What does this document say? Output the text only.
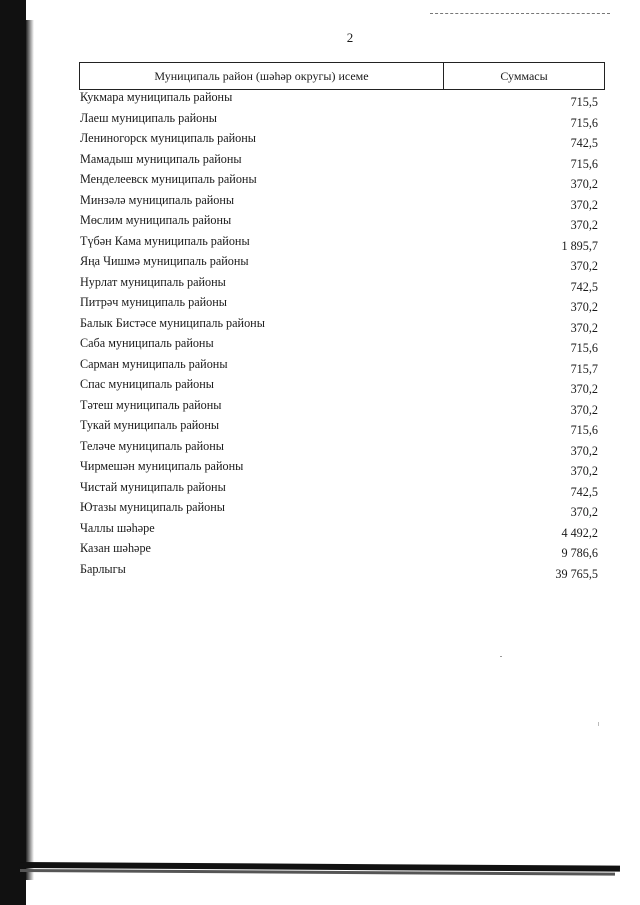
2
Муниципаль район (шәһәр округы) исеме	Суммасы
Кукмара муниципаль районы	715,5
Лаеш муниципаль районы	715,6
Лениногорск муниципаль районы	742,5
Мамадыш муниципаль районы	715,6
Менделеевск муниципаль районы	370,2
Минзәлә муниципаль районы	370,2
Мөслим муниципаль районы	370,2
Түбән Кама муниципаль районы	1 895,7
Яңа Чишмә муниципаль районы	370,2
Нурлат муниципаль районы	742,5
Питрәч муниципаль районы	370,2
Балык Бистәсе муниципаль районы	370,2
Саба муниципаль районы	715,6
Сарман муниципаль районы	715,7
Спас муниципаль районы	370,2
Тәтеш муниципаль районы	370,2
Тукай муниципаль районы	715,6
Теләче муниципаль районы	370,2
Чирмешән муниципаль районы	370,2
Чистай муниципаль районы	742,5
Ютазы муниципаль районы	370,2
Чаллы шәһәре	4 492,2
Казан шәһәре	9 786,6
Барлыгы	39 765,5
